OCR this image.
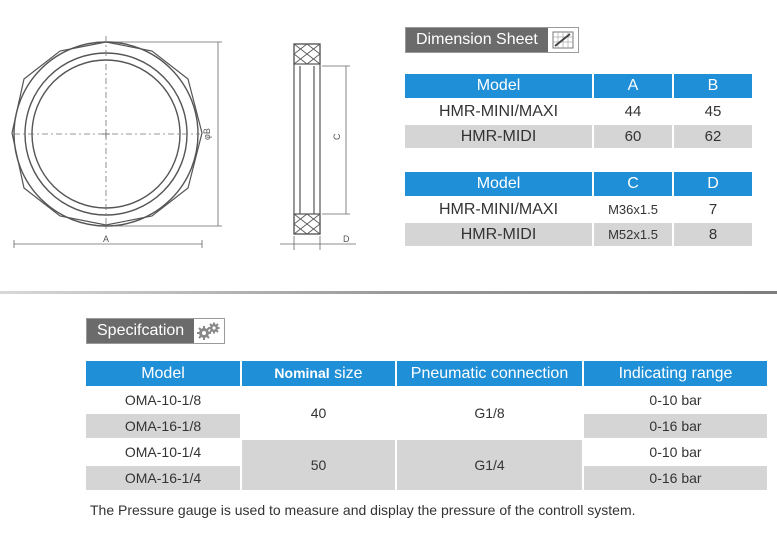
A
φB	C
D
Dimension Sheet
Model	A	B
HMR-MINI/MAXI	44	45
HMR-MIDI	60	62
Model	C	D
HMR-MINI/MAXI	M36x1.5	7
HMR-MIDI	M52x1.5	8
Specifcation
Model	Nominal size	Pneumatic connection	Indicating range
OMA-10-1/8	40	G1/8	0-10 bar
OMA-16-1/8			0-16 bar
OMA-10-1/4	50	G1/4	0-10 bar
OMA-16-1/4			0-16 bar
The Pressure gauge is used to measure and display the pressure of the controll system.
